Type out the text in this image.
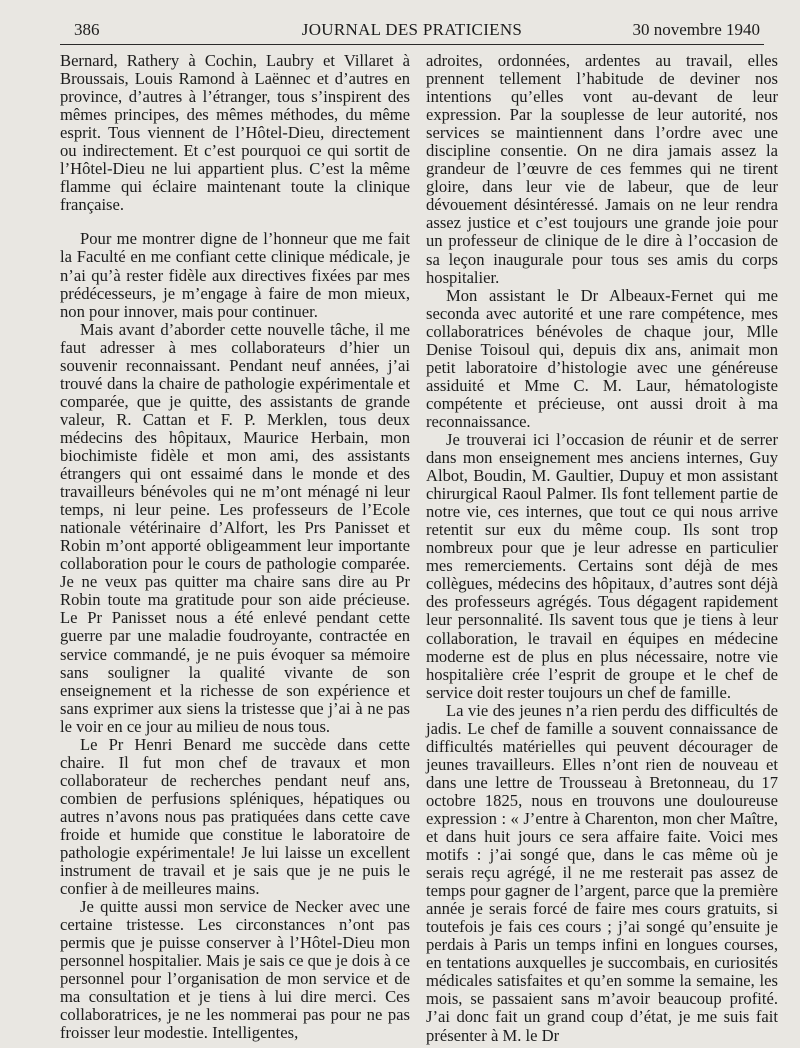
JOURNAL DES PRATICIENS
386	30 novembre 1940

Bernard, Rathery à Cochin, Laubry et Villaret à Broussais, Louis Ramond à Laënnec et d’autres en province, d’autres à l’étranger, tous s’inspirent des mêmes principes, des mêmes méthodes, du même esprit. Tous viennent de l’Hôtel-Dieu, directement ou indirectement. Et c’est pourquoi ce qui sortit de l’Hôtel-Dieu ne lui appartient plus. C’est la même flamme qui éclaire maintenant toute la clinique française.

Pour me montrer digne de l’honneur que me fait la Faculté en me confiant cette clinique médicale, je n’ai qu’à rester fidèle aux directives fixées par mes prédécesseurs, je m’engage à faire de mon mieux, non pour innover, mais pour continuer.

Mais avant d’aborder cette nouvelle tâche, il me faut adresser à mes collaborateurs d’hier un souvenir reconnaissant. Pendant neuf années, j’ai trouvé dans la chaire de pathologie expérimentale et comparée, que je quitte, des assistants de grande valeur, R. Cattan et F. P. Merklen, tous deux médecins des hôpitaux, Maurice Herbain, mon biochimiste fidèle et mon ami, des assistants étrangers qui ont essaimé dans le monde et des travailleurs bénévoles qui ne m’ont ménagé ni leur temps, ni leur peine. Les professeurs de l’Ecole nationale vétérinaire d’Alfort, les Prs Panisset et Robin m’ont apporté obligeamment leur importante collaboration pour le cours de pathologie comparée. Je ne veux pas quitter ma chaire sans dire au Pr Robin toute ma gratitude pour son aide précieuse. Le Pr Panisset nous a été enlevé pendant cette guerre par une maladie foudroyante, contractée en service commandé, je ne puis évoquer sa mémoire sans souligner la qualité vivante de son enseignement et la richesse de son expérience et sans exprimer aux siens la tristesse que j’ai à ne pas le voir en ce jour au milieu de nous tous.

Le Pr Henri Benard me succède dans cette chaire. Il fut mon chef de travaux et mon collaborateur de recherches pendant neuf ans, combien de perfusions spléniques, hépatiques ou autres n’avons nous pas pratiquées dans cette cave froide et humide que constitue le laboratoire de pathologie expérimentale! Je lui laisse un excellent instrument de travail et je sais que je ne puis le confier à de meilleures mains.

Je quitte aussi mon service de Necker avec une certaine tristesse. Les circonstances n’ont pas permis que je puisse conserver à l’Hôtel-Dieu mon personnel hospitalier. Mais je sais ce que je dois à ce personnel pour l’organisation de mon service et de ma consultation et je tiens à lui dire merci. Ces collaboratrices, je ne les nommerai pas pour ne pas froisser leur modestie. Intelligentes,

adroites, ordonnées, ardentes au travail, elles prennent tellement l’habitude de deviner nos intentions qu’elles vont au-devant de leur expression. Par la souplesse de leur autorité, nos services se maintiennent dans l’ordre avec une discipline consentie. On ne dira jamais assez la grandeur de l’œuvre de ces femmes qui ne tirent gloire, dans leur vie de labeur, que de leur dévouement désintéressé. Jamais on ne leur rendra assez justice et c’est toujours une grande joie pour un professeur de clinique de le dire à l’occasion de sa leçon inaugurale pour tous ses amis du corps hospitalier.

Mon assistant le Dr Albeaux-Fernet qui me seconda avec autorité et une rare compétence, mes collaboratrices bénévoles de chaque jour, Mlle Denise Toisoul qui, depuis dix ans, animait mon petit laboratoire d’histologie avec une généreuse assiduité et Mme C. M. Laur, hématologiste compétente et précieuse, ont aussi droit à ma reconnaissance.

Je trouverai ici l’occasion de réunir et de serrer dans mon enseignement mes anciens internes, Guy Albot, Boudin, M. Gaultier, Dupuy et mon assistant chirurgical Raoul Palmer. Ils font tellement partie de notre vie, ces internes, que tout ce qui nous arrive retentit sur eux du même coup. Ils sont trop nombreux pour que je leur adresse en particulier mes remerciements. Certains sont déjà de mes collègues, médecins des hôpitaux, d’autres sont déjà des professeurs agrégés. Tous dégagent rapidement leur personnalité. Ils savent tous que je tiens à leur collaboration, le travail en équipes en médecine moderne est de plus en plus nécessaire, notre vie hospitalière crée l’esprit de groupe et le chef de service doit rester toujours un chef de famille.

La vie des jeunes n’a rien perdu des difficultés de jadis. Le chef de famille a souvent connaissance de difficultés matérielles qui peuvent décourager de jeunes travailleurs. Elles n’ont rien de nouveau et dans une lettre de Trousseau à Bretonneau, du 17 octobre 1825, nous en trouvons une douloureuse expression : « J’entre à Charenton, mon cher Maître, et dans huit jours ce sera affaire faite. Voici mes motifs : j’ai songé que, dans le cas même où je serais reçu agrégé, il ne me resterait pas assez de temps pour gagner de l’argent, parce que la première année je serais forcé de faire mes cours gratuits, si toutefois je fais ces cours ; j’ai songé qu’ensuite je perdais à Paris un temps infini en longues courses, en tentations auxquelles je succombais, en curiosités médicales satisfaites et qu’en somme la semaine, les mois, se passaient sans m’avoir beaucoup profité. J’ai donc fait un grand coup d’état, je me suis fait présenter à M. le Dr
